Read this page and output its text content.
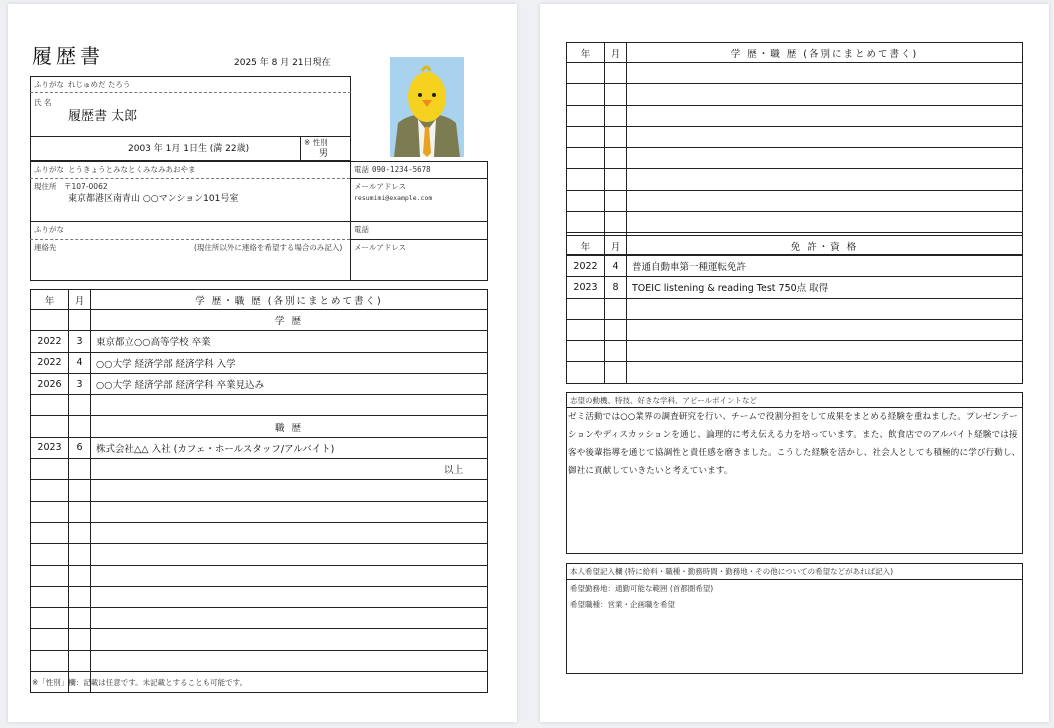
履歴書	2025 年 8 月 21日現在
ふりがな れじゅめだ たろう
氏 名
履歴書 太郎
2003 年 1月 1日生 (満 22歳)
※ 性別
男
ふりがな とうきょうとみなとくみなみあおやま	電話 090-1234-5678
現住所 〒107-0062
東京都港区南青山 ○○マンション101号室
メールアドレス
resumimi@example.com
ふりがな	電話
連絡先	(現住所以外に連絡を希望する場合のみ記入) メールアドレス
年	月	学 歴・職 歴 (各別にまとめて書く)
		学 歴
2022	3	東京都立○○高等学校 卒業
2022	4	○○大学 経済学部 経済学科 入学
2026	3	○○大学 経済学部 経済学科 卒業見込み

		職 歴
2023	6	株式会社△△ 入社 (カフェ・ホールスタッフ/アルバイト)
		以上

※「性別」欄：記載は任意です。未記載とすることも可能です。
年	月	学 歴・職 歴 (各別にまとめて書く)

年	月	免 許・資 格
2022	4	普通自動車第一種運転免許
2023	8	TOEIC listening & reading Test 750点 取得

志望の動機、特技、好きな学科、アピールポイントなど
ゼミ活動では○○業界の調査研究を行い、チームで役割分担をして成果をまとめる経験を重ねました。プレゼンテーションやディスカッションを通じ、論理的に考え伝える力を培っています。また、飲食店でのアルバイト経験では接客や後輩指導を通じて協調性と責任感を磨きました。こうした経験を活かし、社会人としても積極的に学び行動し、御社に貢献していきたいと考えています。
本人希望記入欄 (特に給料・職種・勤務時間・勤務地・その他についての希望などがあれば記入)
希望勤務地：通勤可能な範囲 (首都圏希望)
希望職種：営業・企画職を希望
